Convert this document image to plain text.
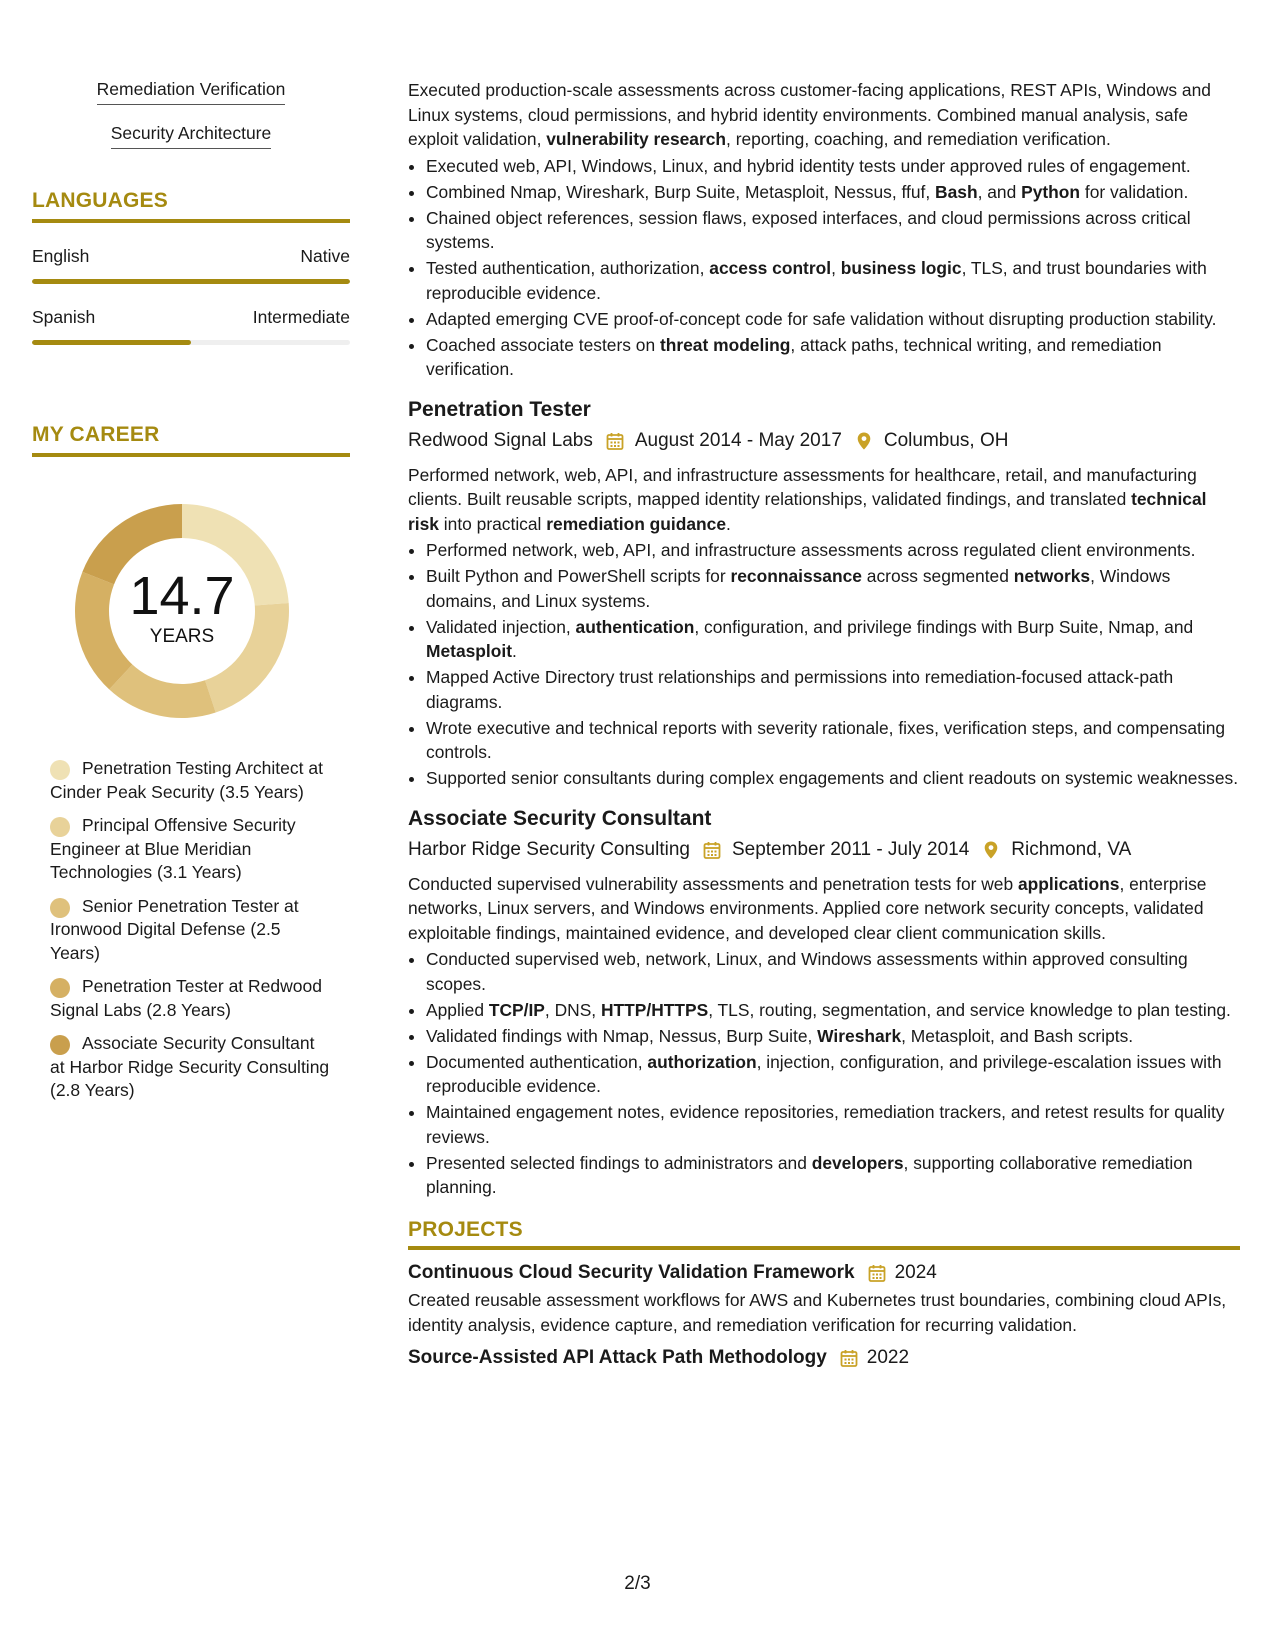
Remediation Verification
Security Architecture
LANGUAGES
English	Native
Spanish	Intermediate
MY CAREER
14.7
YEARS
Penetration Testing Architect at Cinder Peak Security (3.5 Years)
Principal Offensive Security Engineer at Blue Meridian Technologies (3.1 Years)
Senior Penetration Tester at Ironwood Digital Defense (2.5 Years)
Penetration Tester at Redwood Signal Labs (2.8 Years)
Associate Security Consultant at Harbor Ridge Security Consulting (2.8 Years)

Executed production-scale assessments across customer-facing applications, REST APIs, Windows and Linux systems, cloud permissions, and hybrid identity environments. Combined manual analysis, safe exploit validation, vulnerability research, reporting, coaching, and remediation verification.

• Executed web, API, Windows, Linux, and hybrid identity tests under approved rules of engagement.
• Combined Nmap, Wireshark, Burp Suite, Metasploit, Nessus, ffuf, Bash, and Python for validation.
• Chained object references, session flaws, exposed interfaces, and cloud permissions across critical systems.
• Tested authentication, authorization, access control, business logic, TLS, and trust boundaries with reproducible evidence.
• Adapted emerging CVE proof-of-concept code for safe validation without disrupting production stability.
• Coached associate testers on threat modeling, attack paths, technical writing, and remediation verification.
Penetration Tester
Redwood Signal Labs August 2014 - May 2017 Columbus, OH

Performed network, web, API, and infrastructure assessments for healthcare, retail, and manufacturing clients. Built reusable scripts, mapped identity relationships, validated findings, and translated technical risk into practical remediation guidance.

• Performed network, web, API, and infrastructure assessments across regulated client environments.
• Built Python and PowerShell scripts for reconnaissance across segmented networks, Windows domains, and Linux systems.
• Validated injection, authentication, configuration, and privilege findings with Burp Suite, Nmap, and Metasploit.
• Mapped Active Directory trust relationships and permissions into remediation-focused attack-path diagrams.
• Wrote executive and technical reports with severity rationale, fixes, verification steps, and compensating controls.
• Supported senior consultants during complex engagements and client readouts on systemic weaknesses.
Associate Security Consultant
Harbor Ridge Security Consulting September 2011 - July 2014 Richmond, VA

Conducted supervised vulnerability assessments and penetration tests for web applications, enterprise networks, Linux servers, and Windows environments. Applied core network security concepts, validated exploitable findings, maintained evidence, and developed clear client communication skills.

• Conducted supervised web, network, Linux, and Windows assessments within approved consulting scopes.
• Applied TCP/IP, DNS, HTTP/HTTPS, TLS, routing, segmentation, and service knowledge to plan testing.
• Validated findings with Nmap, Nessus, Burp Suite, Wireshark, Metasploit, and Bash scripts.
• Documented authentication, authorization, injection, configuration, and privilege-escalation issues with reproducible evidence.
• Maintained engagement notes, evidence repositories, remediation trackers, and retest results for quality reviews.
• Presented selected findings to administrators and developers, supporting collaborative remediation planning.
PROJECTS
Continuous Cloud Security Validation Framework 2024

Created reusable assessment workflows for AWS and Kubernetes trust boundaries, combining cloud APIs, identity analysis, evidence capture, and remediation verification for recurring validation.

Source-Assisted API Attack Path Methodology 2022
2/3
